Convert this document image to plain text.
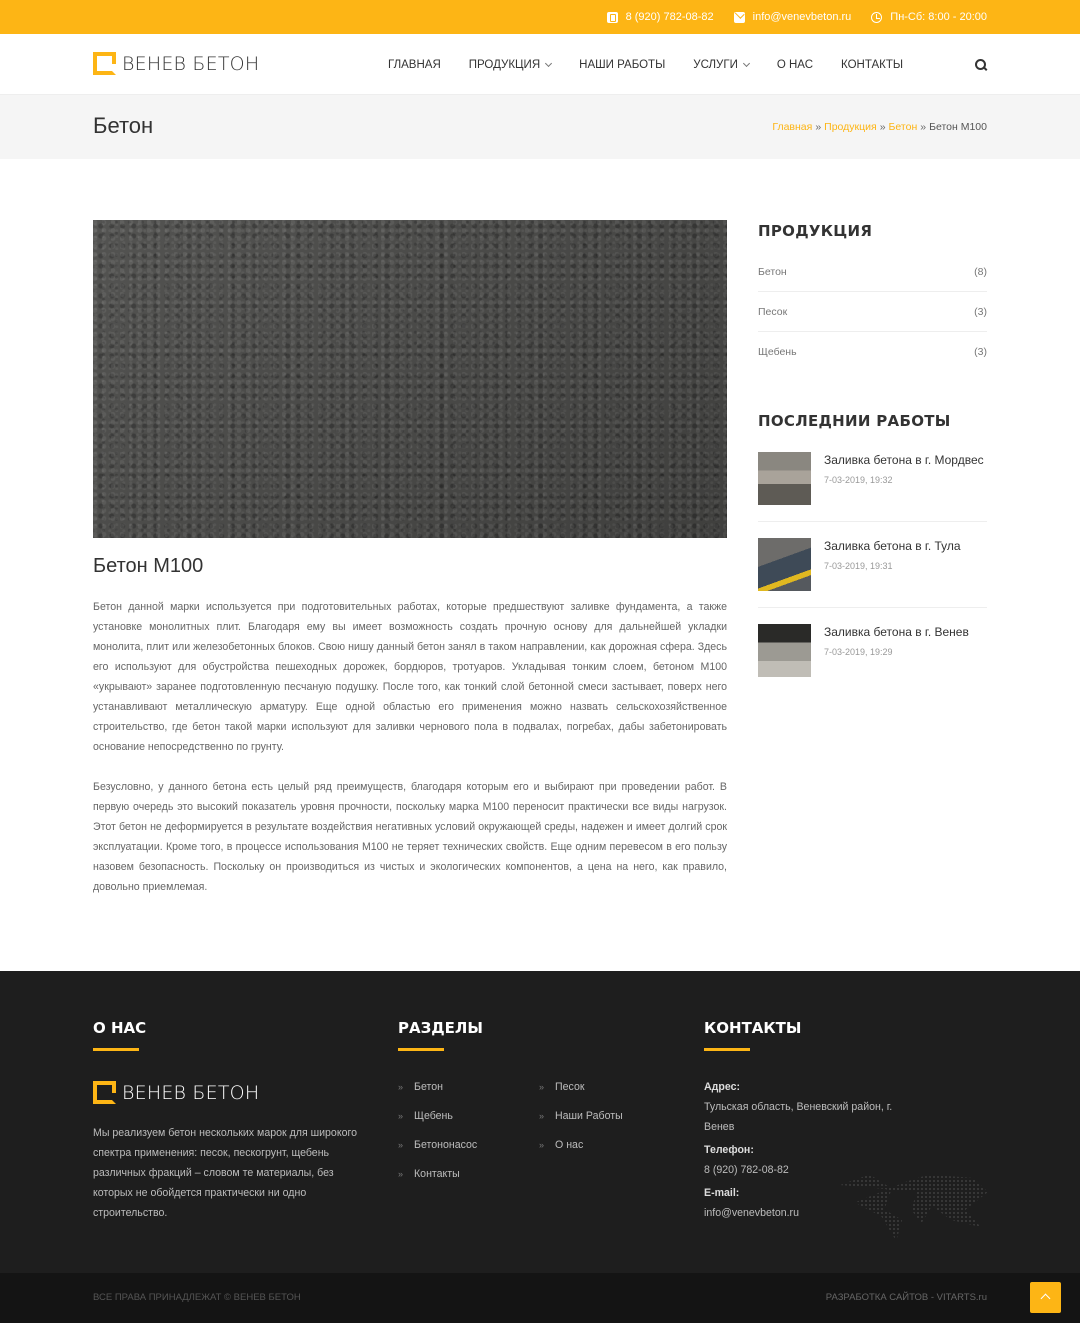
8 (920) 782-08-82	info@venevbeton.ru	Пн-Сб: 8:00 - 20:00
ВЕНЕВ БЕТОН	ГЛАВНАЯ ПРОДУКЦИЯ	НАШИ РАБОТЫ УСЛУГИ	О НАС КОНТАКТЫ
Бетон	Главная » Продукция » Бетон » Бетон М100
Бетон М100

Бетон данной марки используется при подготовительных работах, которые предшествуют заливке фундамента, а также установке монолитных плит. Благодаря ему вы имеет возможность создать прочную основу для дальнейшей укладки монолита, плит или железобетонных блоков. Свою нишу данный бетон занял в таком направлении, как дорожная сфера. Здесь его используют для обустройства пешеходных дорожек, бордюров, тротуаров. Укладывая тонким слоем, бетоном М100 «укрывают» заранее подготовленную песчаную подушку. После того, как тонкий слой бетонной смеси застывает, поверх него устанавливают металлическую арматуру. Еще одной областью его применения можно назвать сельскохозяйственное строительство, где бетон такой марки используют для заливки чернового пола в подвалах, погребах, дабы забетонировать основание непосредственно по грунту.

Безусловно, у данного бетона есть целый ряд преимуществ, благодаря которым его и выбирают при проведении работ. В первую очередь это высокий показатель уровня прочности, поскольку марка М100 переносит практически все виды нагрузок. Этот бетон не деформируется в результате воздействия негативных условий окружающей среды, надежен и имеет долгий срок эксплуатации. Кроме того, в процессе использования М100 не теряет технических свойств. Еще одним перевесом в его пользу назовем безопасность. Поскольку он производиться из чистых и экологических компонентов, а цена на него, как правило, довольно приемлемая.

ПРОДУКЦИЯ
Бетон	(8)
Песок	(3)
Щебень	(3)
ПОСЛЕДНИИ РАБОТЫ
Заливка бетона в г. Мордвес
7-03-2019, 19:32
Заливка бетона в г. Тула
7-03-2019, 19:31
Заливка бетона в г. Венев
7-03-2019, 19:29
О НАС	РАЗДЕЛЫ	КОНТАКТЫ
ВЕНЕВ БЕТОН
Мы реализуем бетон нескольких марок для широкого спектра применения: песок, пескогрунт, щебень различных фракций – словом те материалы, без которых не обойдется практически ни одно строительство.
» Бетон	» Песок
» Щебень	» Наши Работы
» Бетононасос	» О нас
» Контакты
Адрес:
Тульская область, Веневский район, г. Венев
Телефон:
8 (920) 782-08-82
E-mail:
info@venevbeton.ru
ВСЕ ПРАВА ПРИНАДЛЕЖАТ © ВЕНЕВ БЕТОН	РАЗРАБОТКА САЙТОВ - VITARTS.ru
